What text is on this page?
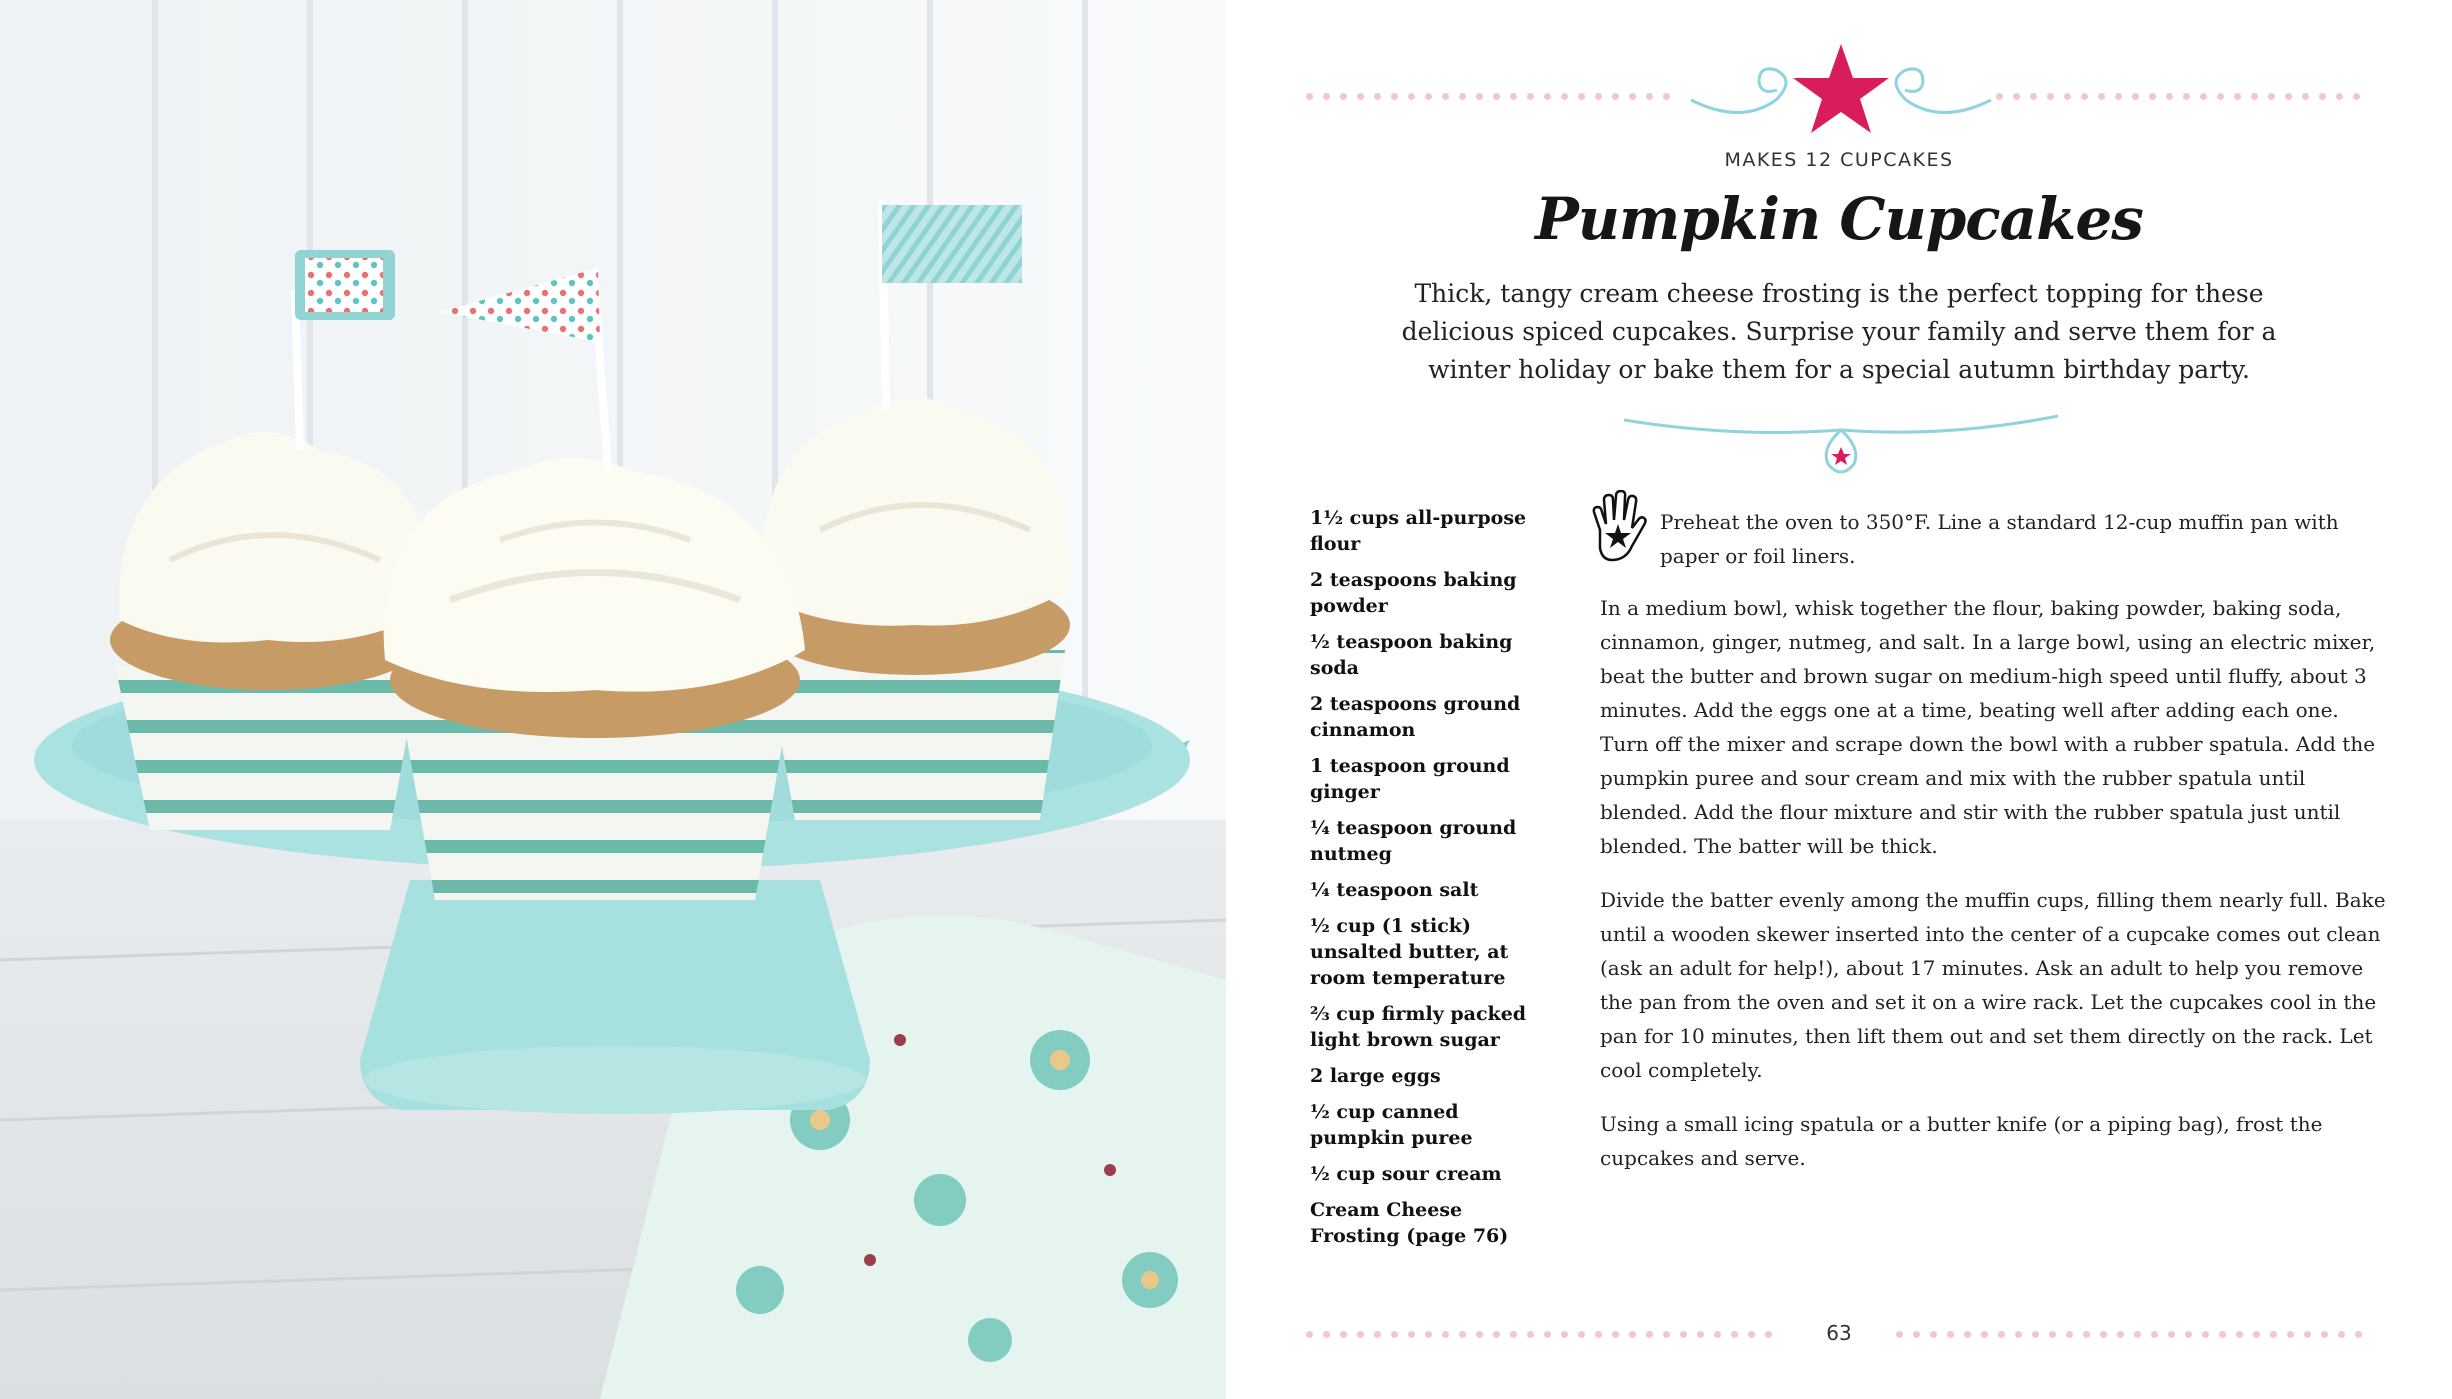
MAKES 12 CUPCAKES
Pumpkin Cupcakes
Thick, tangy cream cheese frosting is the perfect topping for these delicious spiced cupcakes. Surprise your family and serve them for a winter holiday or bake them for a special autumn birthday party.
1½ cups all-purpose flour
2 teaspoons baking powder
½ teaspoon baking soda
2 teaspoons ground cinnamon
1 teaspoon ground ginger
¼ teaspoon ground nutmeg
¼ teaspoon salt
½ cup (1 stick) unsalted butter, at room temperature
⅔ cup firmly packed light brown sugar
2 large eggs
½ cup canned pumpkin puree
½ cup sour cream
Cream Cheese Frosting (page 76)

Preheat the oven to 350°F. Line a standard 12-cup muffin pan with paper or foil liners.

In a medium bowl, whisk together the flour, baking powder, baking soda, cinnamon, ginger, nutmeg, and salt. In a large bowl, using an electric mixer, beat the butter and brown sugar on medium-high speed until fluffy, about 3 minutes. Add the eggs one at a time, beating well after adding each one. Turn off the mixer and scrape down the bowl with a rubber spatula. Add the pumpkin puree and sour cream and mix with the rubber spatula until blended. Add the flour mixture and stir with the rubber spatula just until blended. The batter will be thick.

Divide the batter evenly among the muffin cups, filling them nearly full. Bake until a wooden skewer inserted into the center of a cupcake comes out clean (ask an adult for help!), about 17 minutes. Ask an adult to help you remove the pan from the oven and set it on a wire rack. Let the cupcakes cool in the pan for 10 minutes, then lift them out and set them directly on the rack. Let cool completely.

Using a small icing spatula or a butter knife (or a piping bag), frost the cupcakes and serve.

63
